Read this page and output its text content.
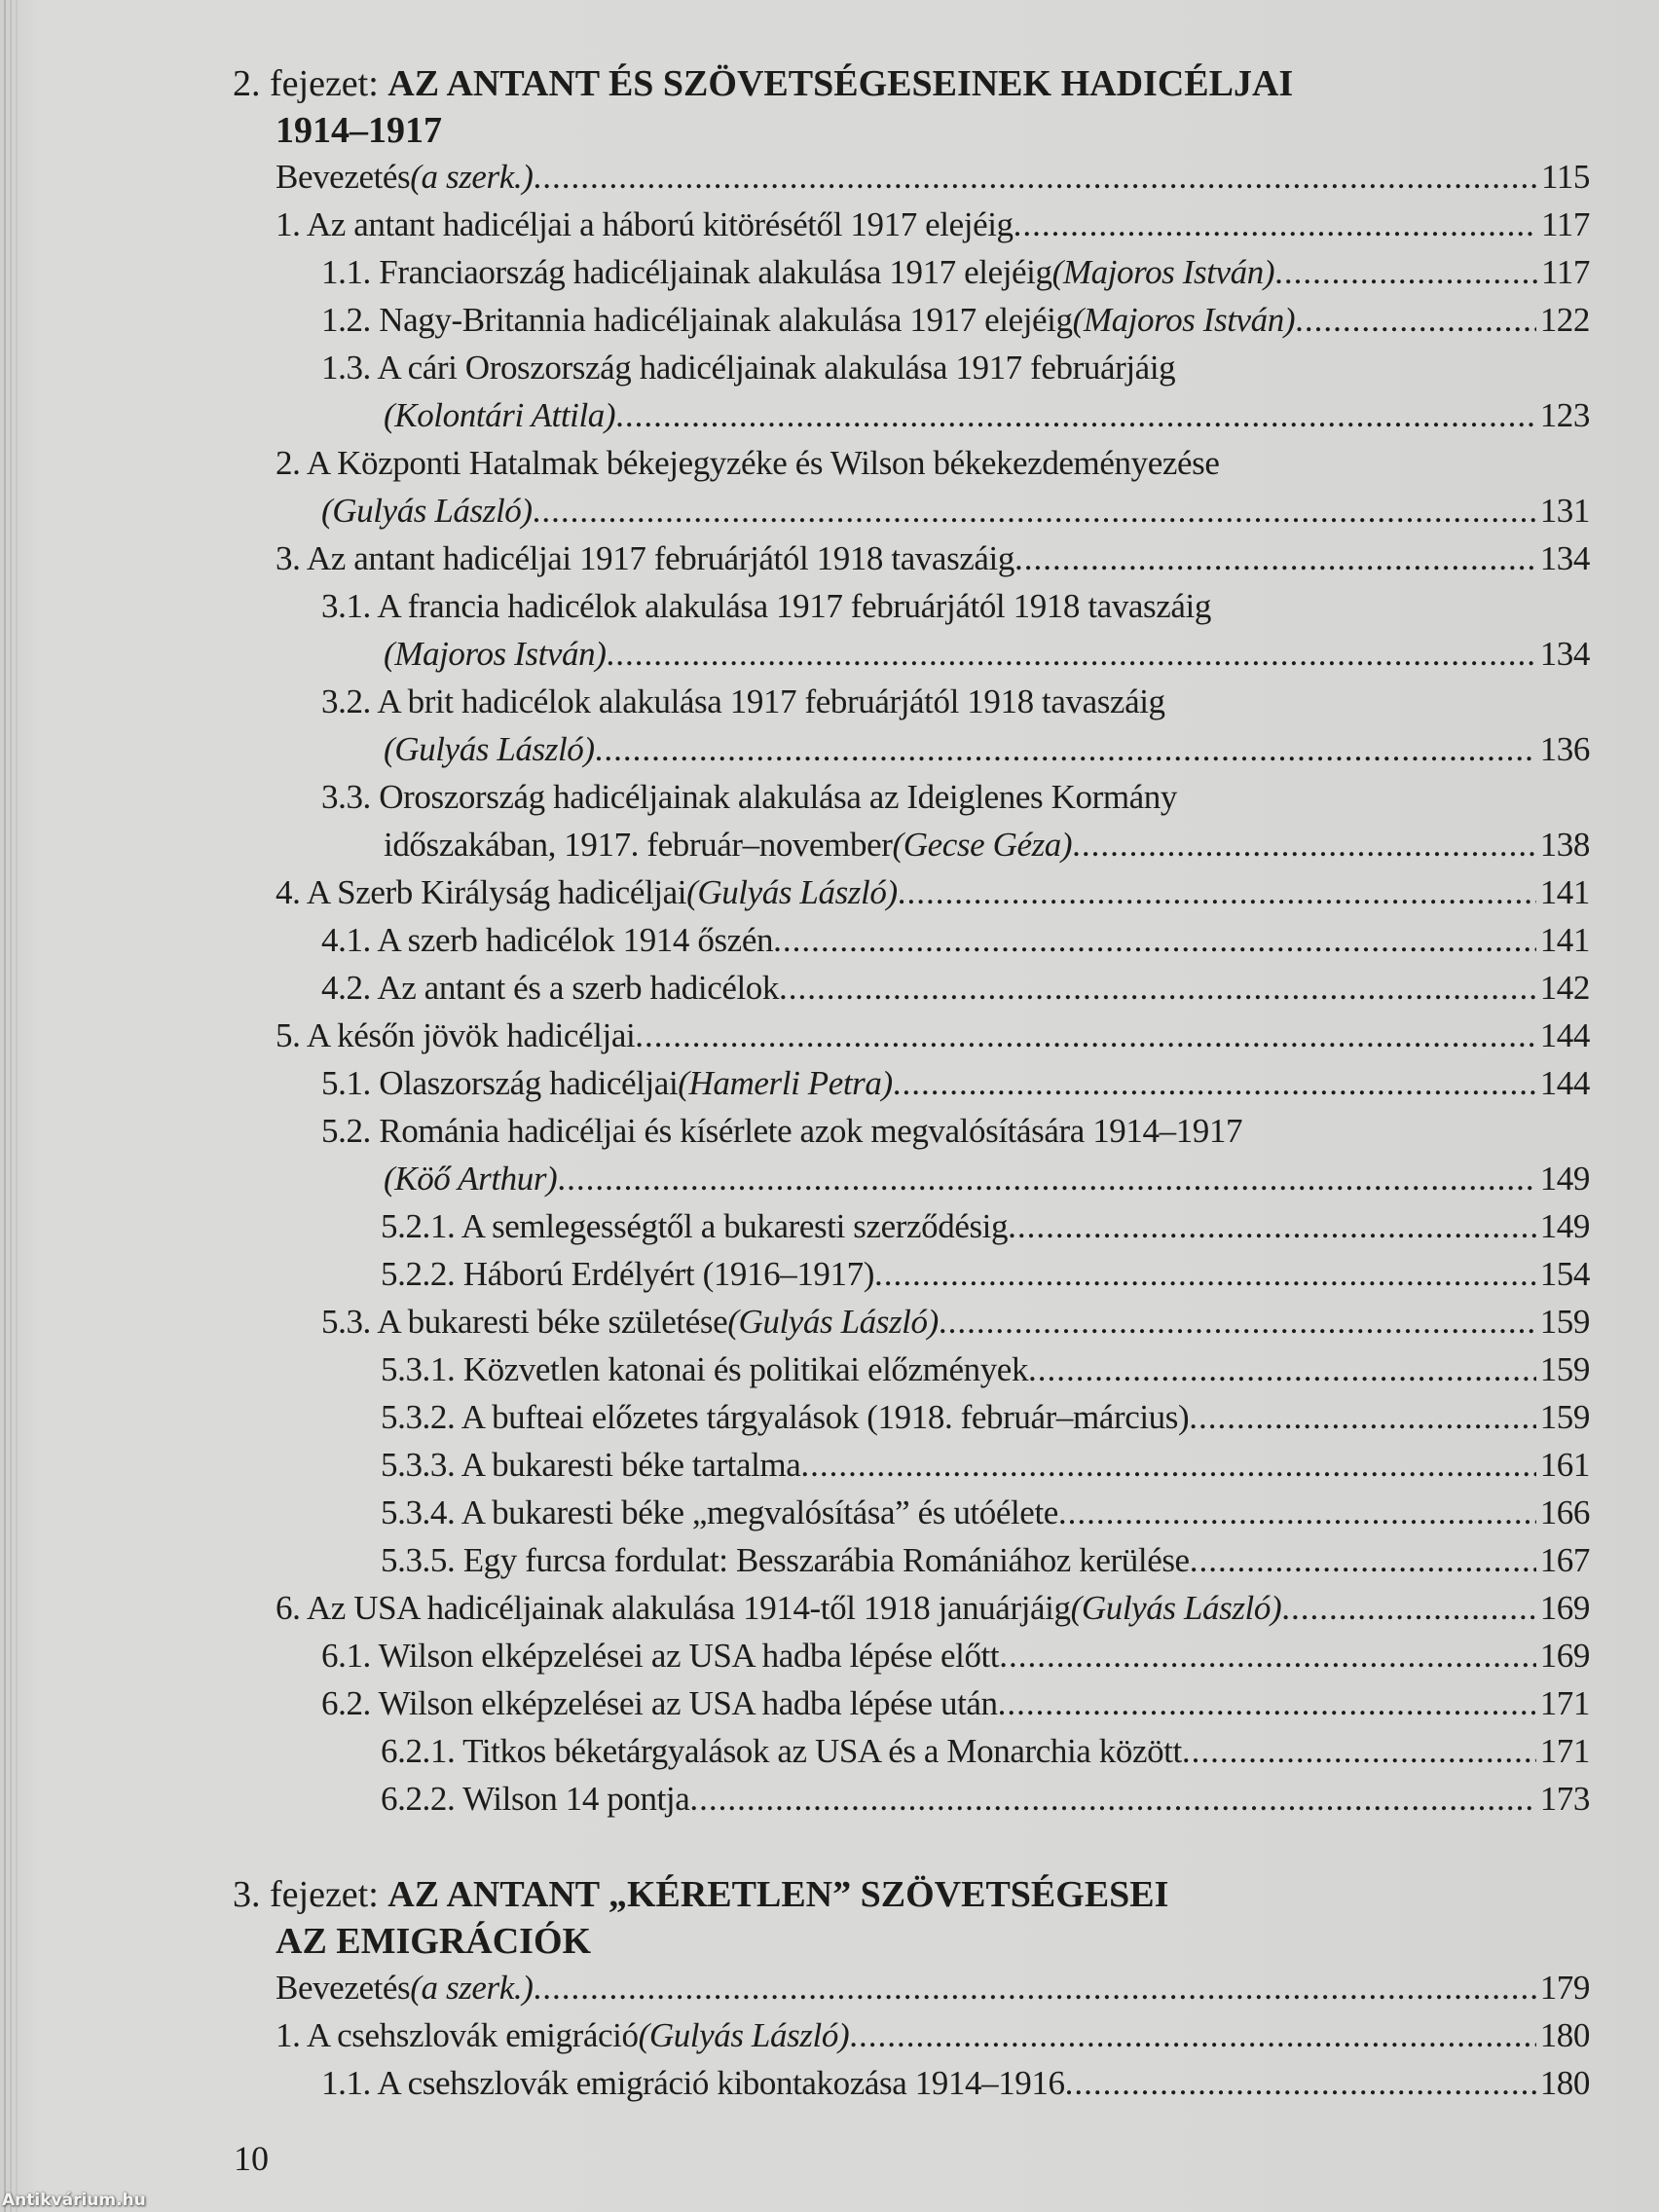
2. fejezet: AZ ANTANT ÉS SZÖVETSÉGESEINEK HADICÉLJAI
1914–1917
Bevezetés (a szerk.) .....	115
1. Az antant hadicéljai a háború kitörésétől 1917 elejéig .....	117
1.1. Franciaország hadicéljainak alakulása 1917 elejéig (Majoros István) .....	117
1.2. Nagy-Britannia hadicéljainak alakulása 1917 elejéig (Majoros István) .....	122
1.3. A cári Oroszország hadicéljainak alakulása 1917 februárjáig
(Kolontári Attila) .....	123
2. A Központi Hatalmak békejegyzéke és Wilson békekezdeményezése
(Gulyás László) .....	131
3. Az antant hadicéljai 1917 februárjától 1918 tavaszáig .....	134
3.1. A francia hadicélok alakulása 1917 februárjától 1918 tavaszáig
(Majoros István) .....	134
3.2. A brit hadicélok alakulása 1917 februárjától 1918 tavaszáig
(Gulyás László) .....	136
3.3. Oroszország hadicéljainak alakulása az Ideiglenes Kormány
időszakában, 1917. február–november (Gecse Géza) .....	138
4. A Szerb Királyság hadicéljai (Gulyás László) .....	141
4.1. A szerb hadicélok 1914 őszén .....	141
4.2. Az antant és a szerb hadicélok .....	142
5. A későn jövök hadicéljai .....	144
5.1. Olaszország hadicéljai (Hamerli Petra) .....	144
5.2. Románia hadicéljai és kísérlete azok megvalósítására 1914–1917
(Köő Arthur) .....	149
5.2.1. A semlegességtől a bukaresti szerződésig .....	149
5.2.2. Háború Erdélyért (1916–1917) .....	154
5.3. A bukaresti béke születése (Gulyás László) .....	159
5.3.1. Közvetlen katonai és politikai előzmények .....	159
5.3.2. A bufteai előzetes tárgyalások (1918. február–március) .....	159
5.3.3. A bukaresti béke tartalma .....	161
5.3.4. A bukaresti béke „megvalósítása” és utóélete .....	166
5.3.5. Egy furcsa fordulat: Besszarábia Romániához kerülése .....	167
6. Az USA hadicéljainak alakulása 1914-től 1918 januárjáig (Gulyás László) .....	169
6.1. Wilson elképzelései az USA hadba lépése előtt .....	169
6.2. Wilson elképzelései az USA hadba lépése után .....	171
6.2.1. Titkos béketárgyalások az USA és a Monarchia között .....	171
6.2.2. Wilson 14 pontja .....	173
3. fejezet: AZ ANTANT „KÉRETLEN” SZÖVETSÉGESEI
AZ EMIGRÁCIÓK
Bevezetés (a szerk.) .....	179
1. A csehszlovák emigráció (Gulyás László) .....	180
1.1. A csehszlovák emigráció kibontakozása 1914–1916 .....	180
10
Antikvárium.hu
